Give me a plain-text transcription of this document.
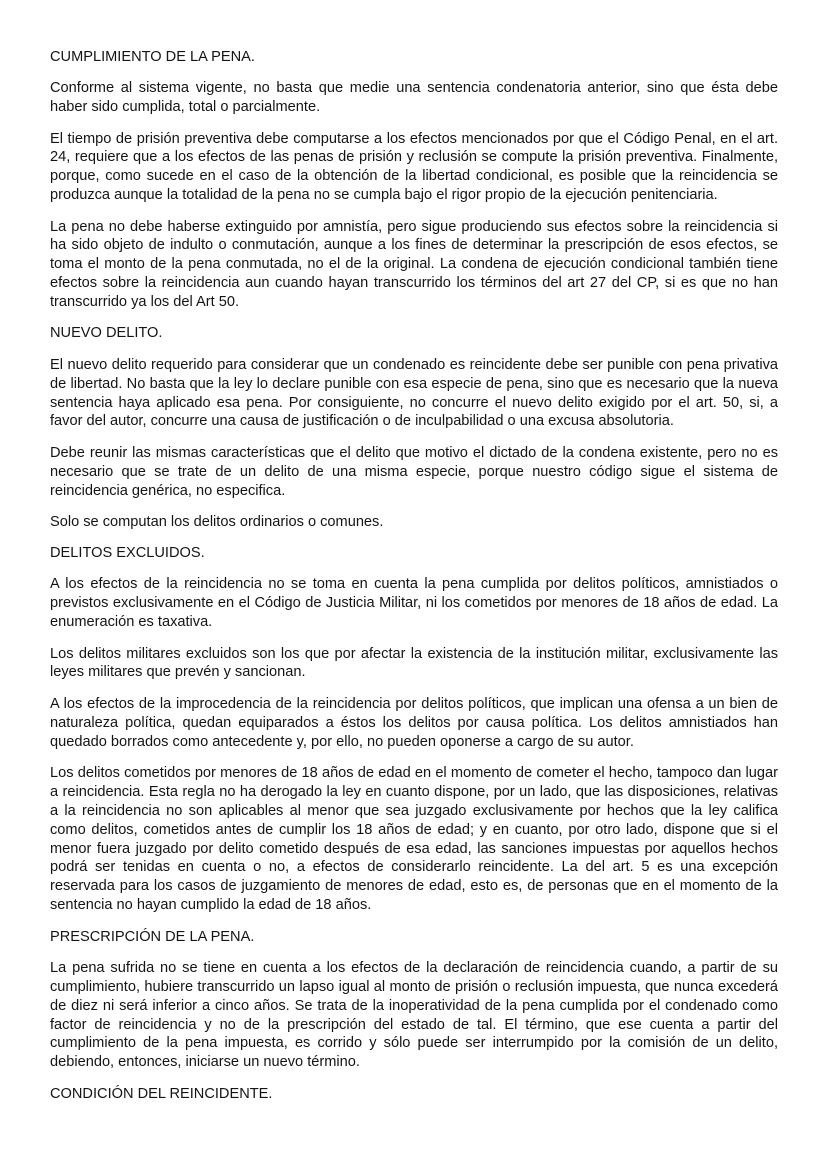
CUMPLIMIENTO DE LA PENA.

Conforme al sistema vigente, no basta que medie una sentencia condenatoria anterior, sino que ésta debe haber sido cumplida, total o parcialmente.

El tiempo de prisión preventiva debe computarse a los efectos mencionados por que el Código Penal, en el art. 24, requiere que a los efectos de las penas de prisión y reclusión se compute la prisión preventiva. Finalmente, porque, como sucede en el caso de la obtención de la libertad condicional, es posible que la reincidencia se produzca aunque la totalidad de la pena no se cumpla bajo el rigor propio de la ejecución penitenciaria.

La pena no debe haberse extinguido por amnistía, pero sigue produciendo sus efectos sobre la reincidencia si ha sido objeto de indulto o conmutación, aunque a los fines de determinar la prescripción de esos efectos, se toma el monto de la pena conmutada, no el de la original. La condena de ejecución condicional también tiene efectos sobre la reincidencia aun cuando hayan transcurrido los términos del art 27 del CP, si es que no han transcurrido ya los del Art 50.

NUEVO DELITO.

El nuevo delito requerido para considerar que un condenado es reincidente debe ser punible con pena privativa de libertad. No basta que la ley lo declare punible con esa especie de pena, sino que es necesario que la nueva sentencia haya aplicado esa pena. Por consiguiente, no concurre el nuevo delito exigido por el art. 50, si, a favor del autor, concurre una causa de justificación o de inculpabilidad o una excusa absolutoria.

Debe reunir las mismas características que el delito que motivo el dictado de la condena existente, pero no es necesario que se trate de un delito de una misma especie, porque nuestro código sigue el sistema de reincidencia genérica, no especifica.

Solo se computan los delitos ordinarios o comunes.

DELITOS EXCLUIDOS.

A los efectos de la reincidencia no se toma en cuenta la pena cumplida por delitos políticos, amnistiados o previstos exclusivamente en el Código de Justicia Militar, ni los cometidos por menores de 18 años de edad. La enumeración es taxativa.

Los delitos militares excluidos son los que por afectar la existencia de la institución militar, exclusivamente las leyes militares que prevén y sancionan.

A los efectos de la improcedencia de la reincidencia por delitos políticos, que implican una ofensa a un bien de naturaleza política, quedan equiparados a éstos los delitos por causa política. Los delitos amnistiados han quedado borrados como antecedente y, por ello, no pueden oponerse a cargo de su autor.

Los delitos cometidos por menores de 18 años de edad en el momento de cometer el hecho, tampoco dan lugar a reincidencia. Esta regla no ha derogado la ley en cuanto dispone, por un lado, que las disposiciones, relativas a la reincidencia no son aplicables al menor que sea juzgado exclusivamente por hechos que la ley califica como delitos, cometidos antes de cumplir los 18 años de edad; y en cuanto, por otro lado, dispone que si el menor fuera juzgado por delito cometido después de esa edad, las sanciones impuestas por aquellos hechos podrá ser tenidas en cuenta o no, a efectos de considerarlo reincidente. La del art. 5 es una excepción reservada para los casos de juzgamiento de menores de edad, esto es, de personas que en el momento de la sentencia no hayan cumplido la edad de 18 años.

PRESCRIPCIÓN DE LA PENA.

La pena sufrida no se tiene en cuenta a los efectos de la declaración de reincidencia cuando, a partir de su cumplimiento, hubiere transcurrido un lapso igual al monto de prisión o reclusión impuesta, que nunca excederá de diez ni será inferior a cinco años. Se trata de la inoperatividad de la pena cumplida por el condenado como factor de reincidencia y no de la prescripción del estado de tal. El término, que ese cuenta a partir del cumplimiento de la pena impuesta, es corrido y sólo puede ser interrumpido por la comisión de un delito, debiendo, entonces, iniciarse un nuevo término.

CONDICIÓN DEL REINCIDENTE.
